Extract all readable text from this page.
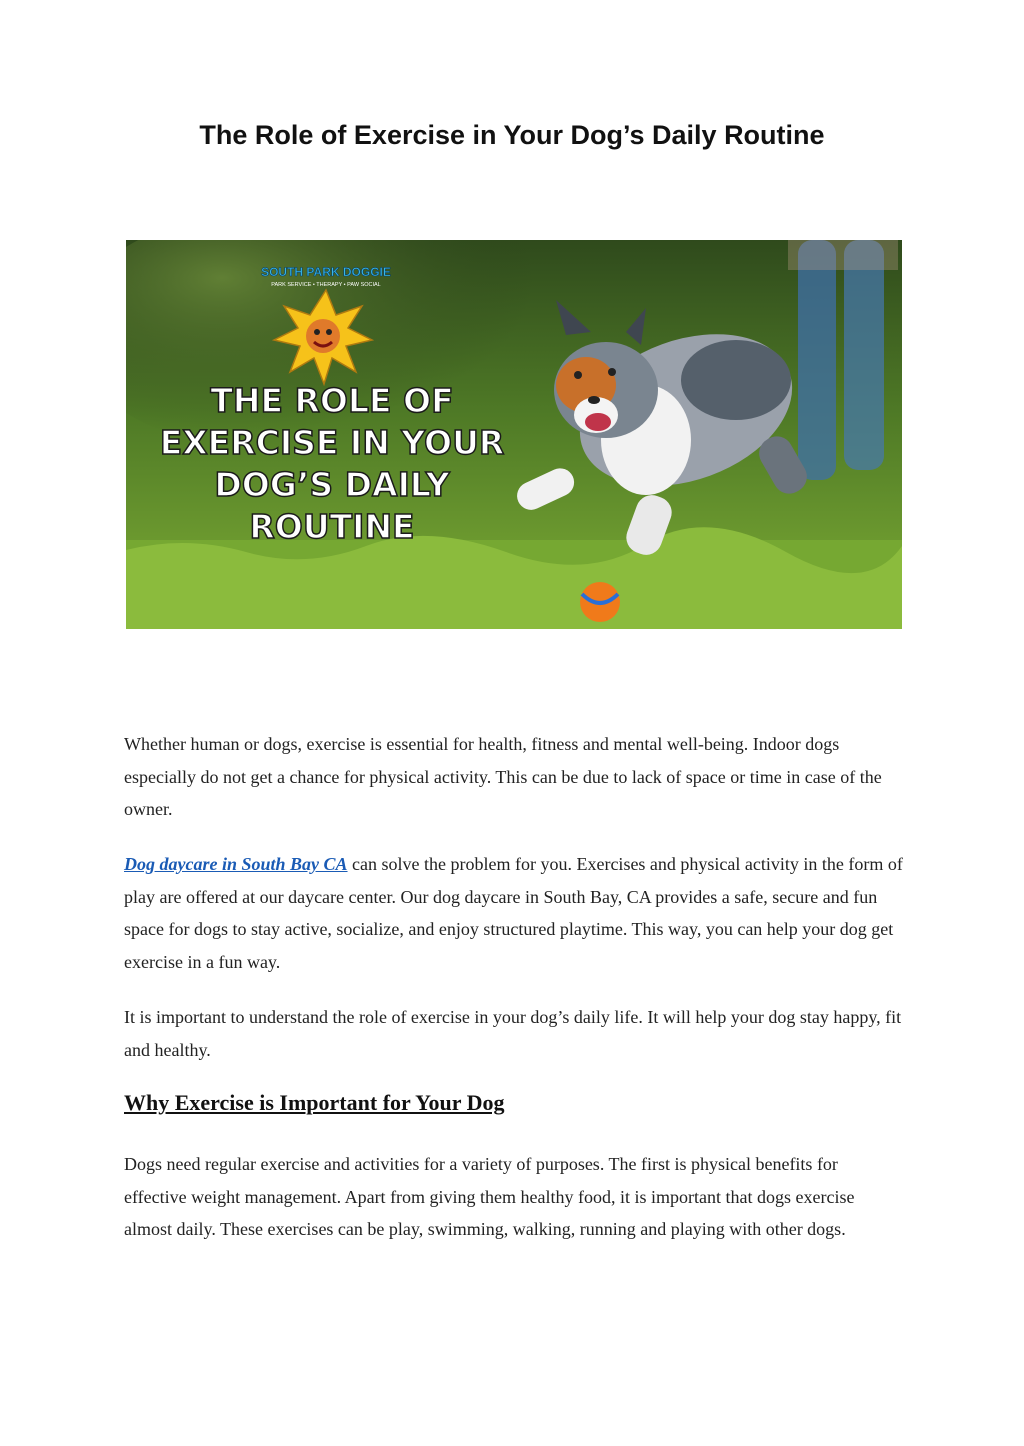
The Role of Exercise in Your Dog’s Daily Routine
SOUTH PARK DOGGIE
PARK SERVICE • THERAPY • PAW SOCIAL
THE ROLE OF
EXERCISE IN YOUR
DOG’S DAILY
ROUTINE

Whether human or dogs, exercise is essential for health, fitness and mental well-being. Indoor dogs especially do not get a chance for physical activity. This can be due to lack of space or time in case of the owner.

Dog daycare in South Bay CA can solve the problem for you. Exercises and physical activity in the form of play are offered at our daycare center. Our dog daycare in South Bay, CA provides a safe, secure and fun space for dogs to stay active, socialize, and enjoy structured playtime. This way, you can help your dog get exercise in a fun way.

It is important to understand the role of exercise in your dog’s daily life. It will help your dog stay happy, fit and healthy.

Why Exercise is Important for Your Dog

Dogs need regular exercise and activities for a variety of purposes. The first is physical benefits for effective weight management. Apart from giving them healthy food, it is important that dogs exercise almost daily. These exercises can be play, swimming, walking, running and playing with other dogs.
